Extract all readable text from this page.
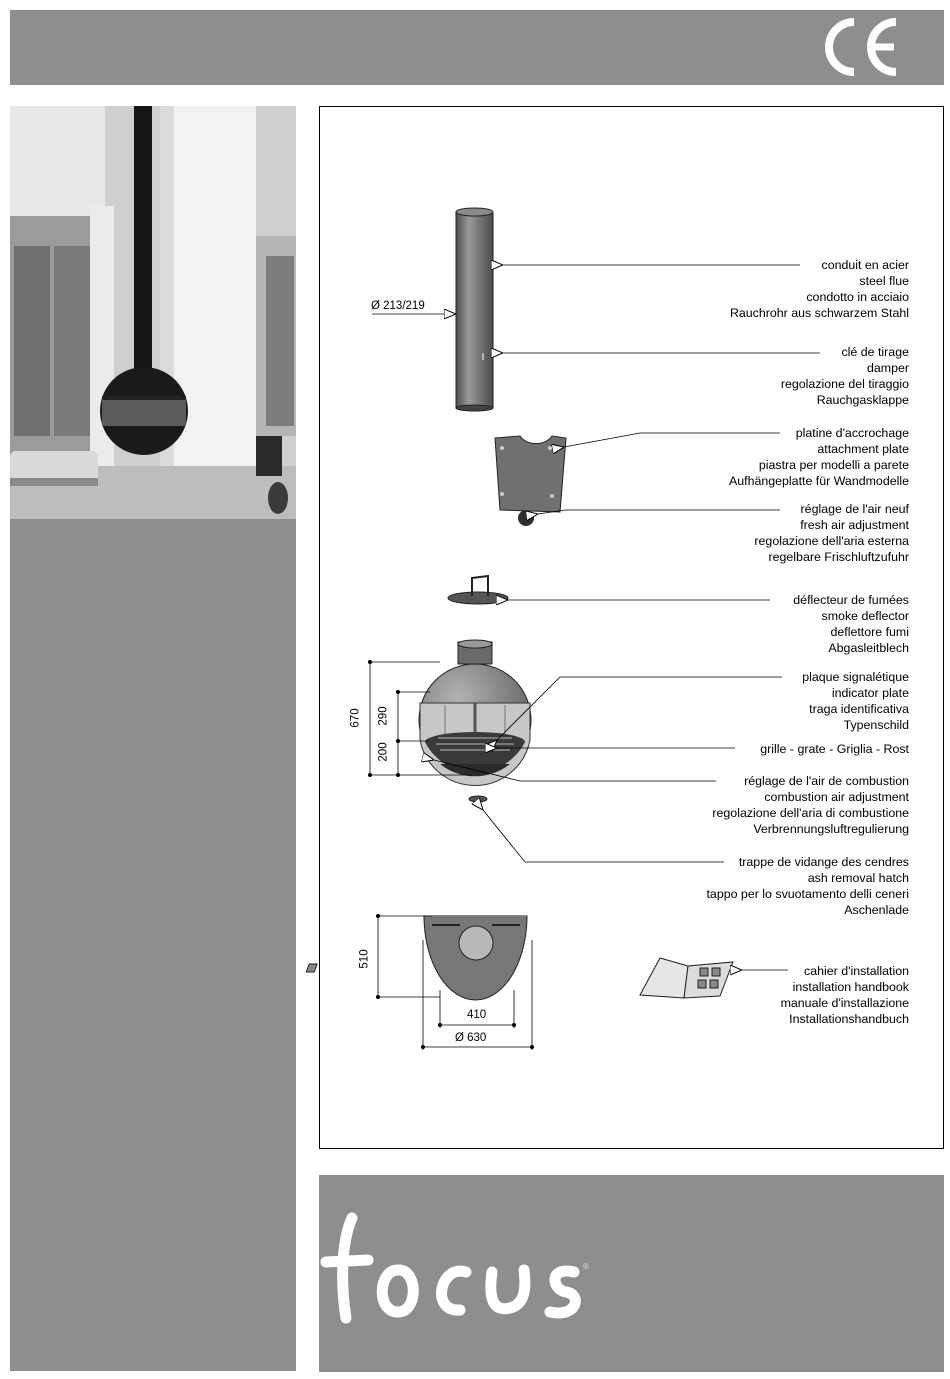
conduit en acier
steel flue
condotto in acciaio
Rauchrohr aus schwarzem Stahl
clé de tirage
damper
regolazione del tiraggio
Rauchgasklappe
platine d'accrochage
attachment plate
piastra per modelli a parete
Aufhängeplatte für Wandmodelle
réglage de l'air neuf
fresh air adjustment
regolazione dell'aria esterna
regelbare Frischluftzufuhr
déflecteur de fumées
smoke deflector
deflettore fumi
Abgasleitblech
plaque signalétique
indicator plate
traga identificativa
Typenschild
grille - grate - Griglia - Rost
réglage de l'air de combustion
combustion air adjustment
regolazione dell'aria di combustione
Verbrennungsluftregulierung
trappe de vidange des cendres
ash removal hatch
tappo per lo svuotamento delli ceneri
Aschenlade
cahier d'installation
installation handbook
manuale d'installazione
Installationshandbuch
Ø 213/219
670 290
200
510
410
Ø 630
®
